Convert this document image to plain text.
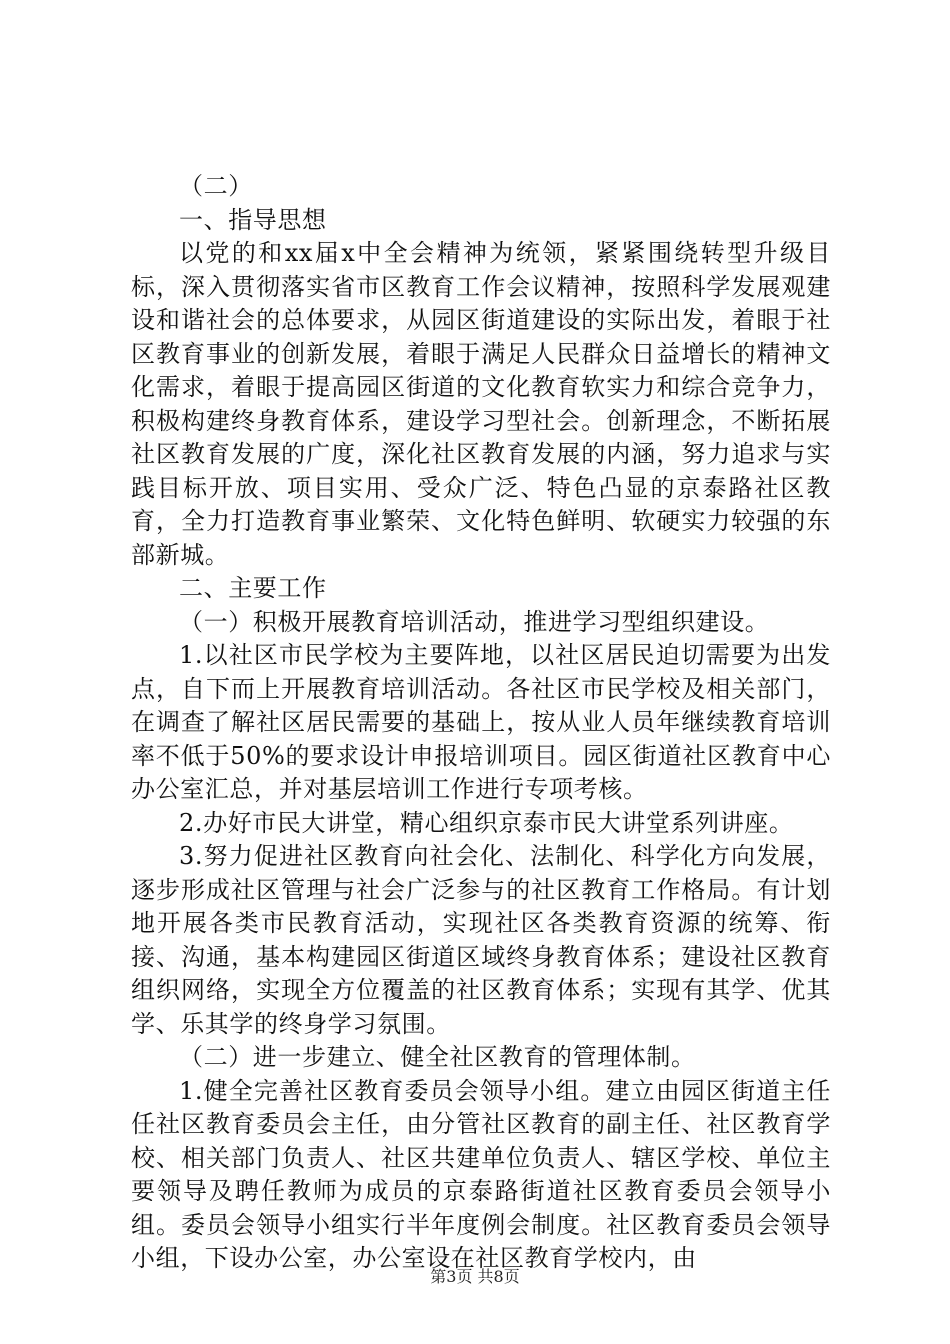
（二）

一、指导思想

以党的和xx届x中全会精神为统领，紧紧围绕转型升级目标，深入贯彻落实省市区教育工作会议精神，按照科学发展观建设和谐社会的总体要求，从园区街道建设的实际出发，着眼于社区教育事业的创新发展，着眼于满足人民群众日益增长的精神文化需求，着眼于提高园区街道的文化教育软实力和综合竞争力，积极构建终身教育体系，建设学习型社会。创新理念，不断拓展社区教育发展的广度，深化社区教育发展的内涵，努力追求与实践目标开放、项目实用、受众广泛、特色凸显的京泰路社区教育，全力打造教育事业繁荣、文化特色鲜明、软硬实力较强的东部新城。

二、主要工作

（一）积极开展教育培训活动，推进学习型组织建设。

1.以社区市民学校为主要阵地，以社区居民迫切需要为出发点，自下而上开展教育培训活动。各社区市民学校及相关部门，在调查了解社区居民需要的基础上，按从业人员年继续教育培训率不低于50%的要求设计申报培训项目。园区街道社区教育中心办公室汇总，并对基层培训工作进行专项考核。

2.办好市民大讲堂，精心组织京泰市民大讲堂系列讲座。

3.努力促进社区教育向社会化、法制化、科学化方向发展，逐步形成社区管理与社会广泛参与的社区教育工作格局。有计划地开展各类市民教育活动，实现社区各类教育资源的统筹、衔接、沟通，基本构建园区街道区域终身教育体系；建设社区教育组织网络，实现全方位覆盖的社区教育体系；实现有其学、优其学、乐其学的终身学习氛围。

（二）进一步建立、健全社区教育的管理体制。

1.健全完善社区教育委员会领导小组。建立由园区街道主任任社区教育委员会主任，由分管社区教育的副主任、社区教育学校、相关部门负责人、社区共建单位负责人、辖区学校、单位主要领导及聘任教师为成员的京泰路街道社区教育委员会领导小组。委员会领导小组实行半年度例会制度。社区教育委员会领导小组，下设办公室，办公室设在社区教育学校内，由

第3页 共8页
